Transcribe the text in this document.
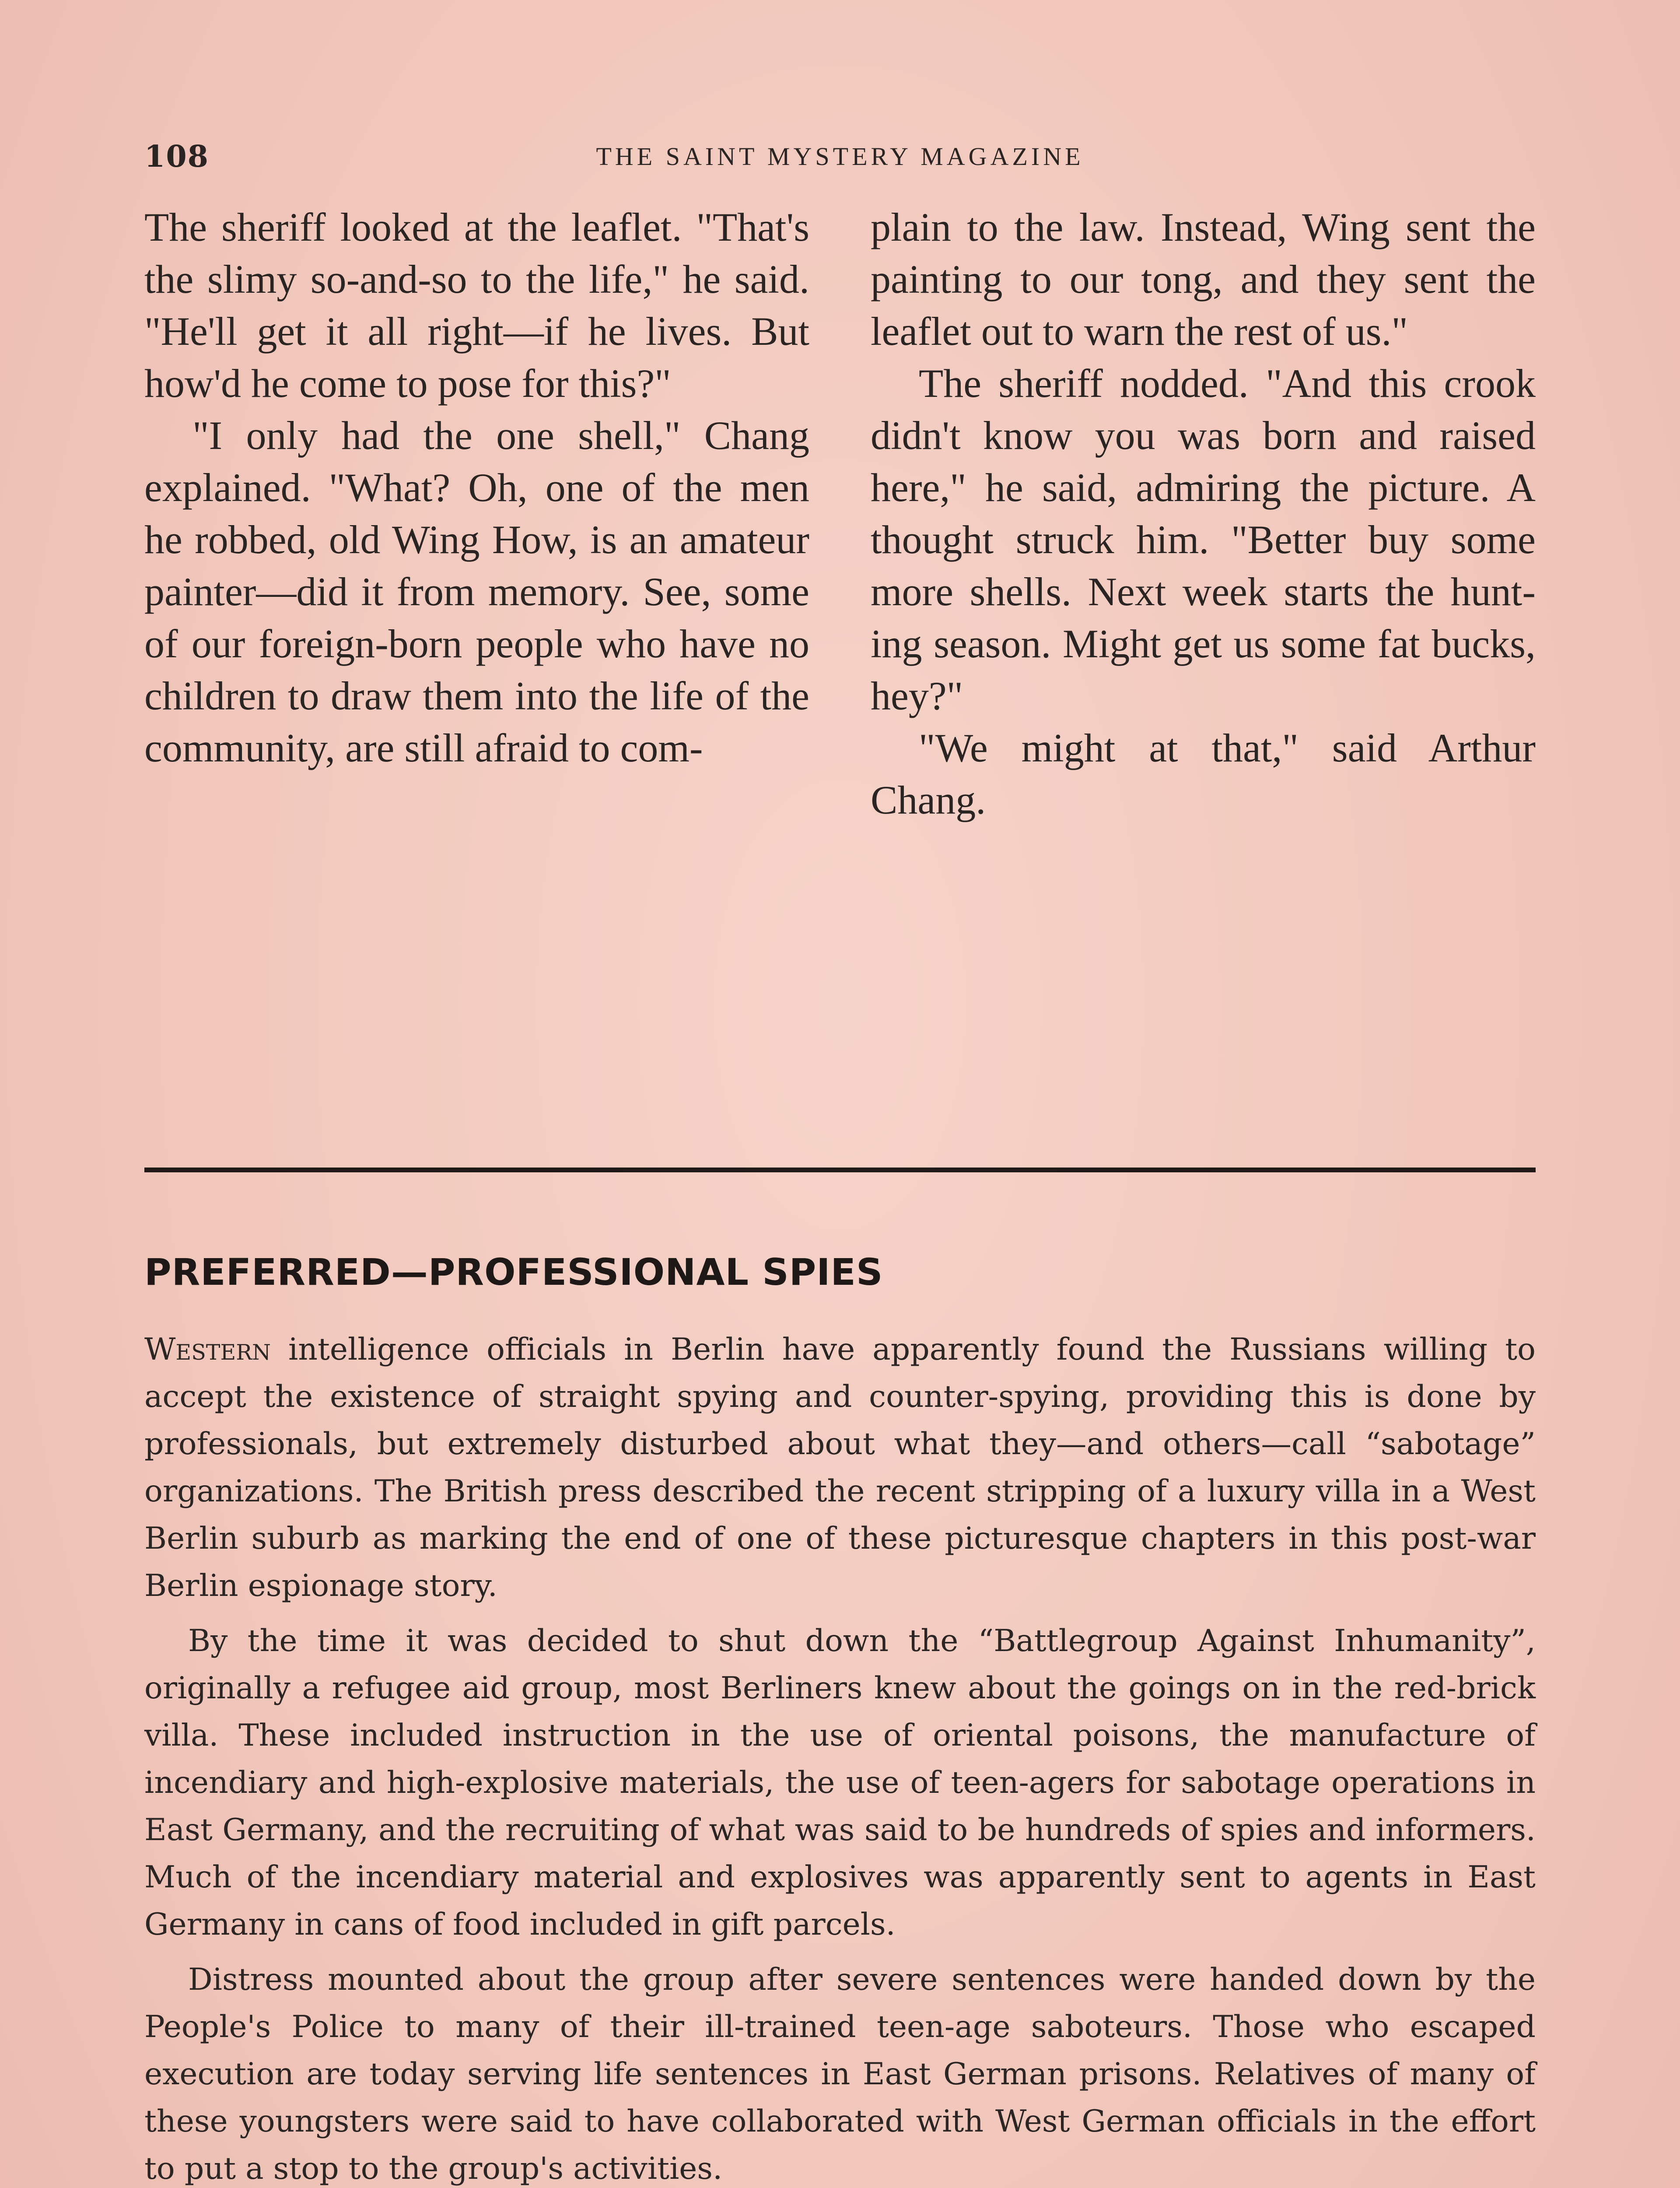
108	THE SAINT MYSTERY MAGAZINE

The sheriff looked at the leaflet. "That's the slimy so-and-so to the life," he said. "He'll get it all right—if he lives. But how'd he come to pose for this?"

"I only had the one shell," Chang explained. "What? Oh, one of the men he robbed, old Wing How, is an amateur painter—did it from memory. See, some of our foreign-born people who have no children to draw them into the life of the community, are still afraid to com-

plain to the law. Instead, Wing sent the painting to our tong, and they sent the leaflet out to warn the rest of us."

The sheriff nodded. "And this crook didn't know you was born and raised here," he said, admiring the picture. A thought struck him. "Better buy some more shells. Next week starts the hunting season. Might get us some fat bucks, hey?"

"We might at that," said Arthur Chang.

PREFERRED—PROFESSIONAL SPIES

Western intelligence officials in Berlin have apparently found the Russians willing to accept the existence of straight spying and counter-spying, providing this is done by professionals, but extremely disturbed about what they—and others—call “sabotage” organizations. The British press described the recent stripping of a luxury villa in a West Berlin suburb as marking the end of one of these picturesque chapters in this post-war Berlin espionage story.

By the time it was decided to shut down the “Battlegroup Against Inhumanity”, originally a refugee aid group, most Berliners knew about the goings on in the red-brick villa. These included instruction in the use of oriental poisons, the manufacture of incendiary and high-explosive materials, the use of teen-agers for sabotage operations in East Germany, and the recruiting of what was said to be hundreds of spies and informers. Much of the incendiary material and explosives was apparently sent to agents in East Germany in cans of food included in gift parcels.

Distress mounted about the group after severe sentences were handed down by the People's Police to many of their ill-trained teen-age saboteurs. Those who escaped execution are today serving life sentences in East German prisons. Relatives of many of these youngsters were said to have collaborated with West German officials in the effort to put a stop to the group's activities.
